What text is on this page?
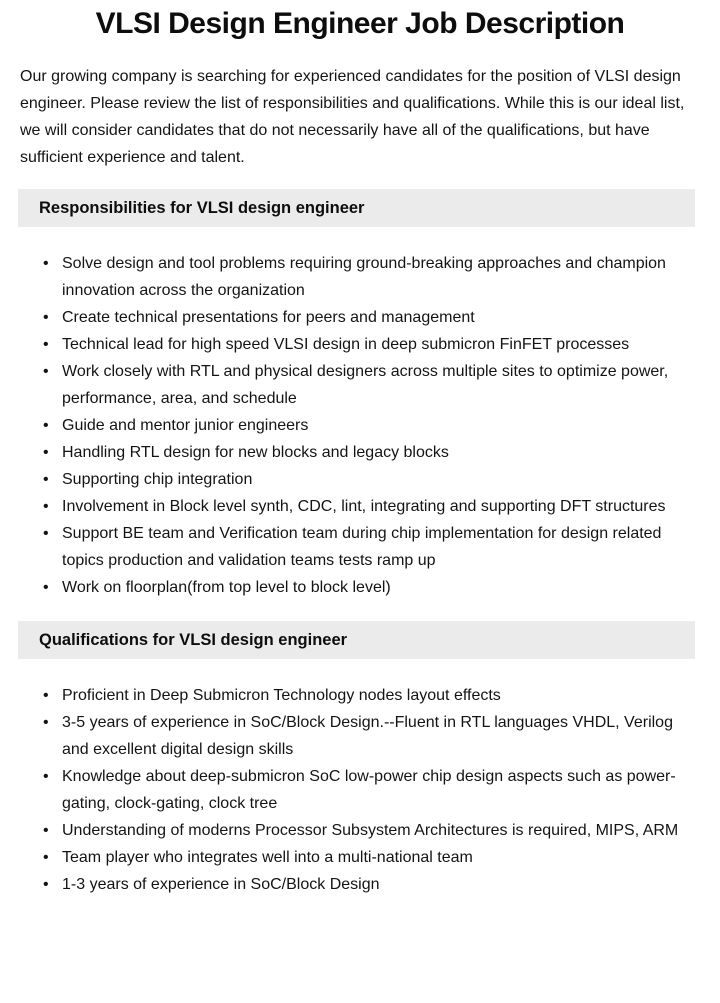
VLSI Design Engineer Job Description

Our growing company is searching for experienced candidates for the position of VLSI design engineer. Please review the list of responsibilities and qualifications. While this is our ideal list, we will consider candidates that do not necessarily have all of the qualifications, but have sufficient experience and talent.

Responsibilities for VLSI design engineer
• Solve design and tool problems requiring ground-breaking approaches and champion innovation across the organization
• Create technical presentations for peers and management
• Technical lead for high speed VLSI design in deep submicron FinFET processes
• Work closely with RTL and physical designers across multiple sites to optimize power, performance, area, and schedule
• Guide and mentor junior engineers
• Handling RTL design for new blocks and legacy blocks
• Supporting chip integration
• Involvement in Block level synth, CDC, lint, integrating and supporting DFT structures
• Support BE team and Verification team during chip implementation for design related topics production and validation teams tests ramp up
• Work on floorplan(from top level to block level)
Qualifications for VLSI design engineer
• Proficient in Deep Submicron Technology nodes layout effects
• 3-5 years of experience in SoC/Block Design.--Fluent in RTL languages VHDL, Verilog and excellent digital design skills
• Knowledge about deep-submicron SoC low-power chip design aspects such as power-gating, clock-gating, clock tree
• Understanding of moderns Processor Subsystem Architectures is required, MIPS, ARM
• Team player who integrates well into a multi-national team
• 1-3 years of experience in SoC/Block Design
